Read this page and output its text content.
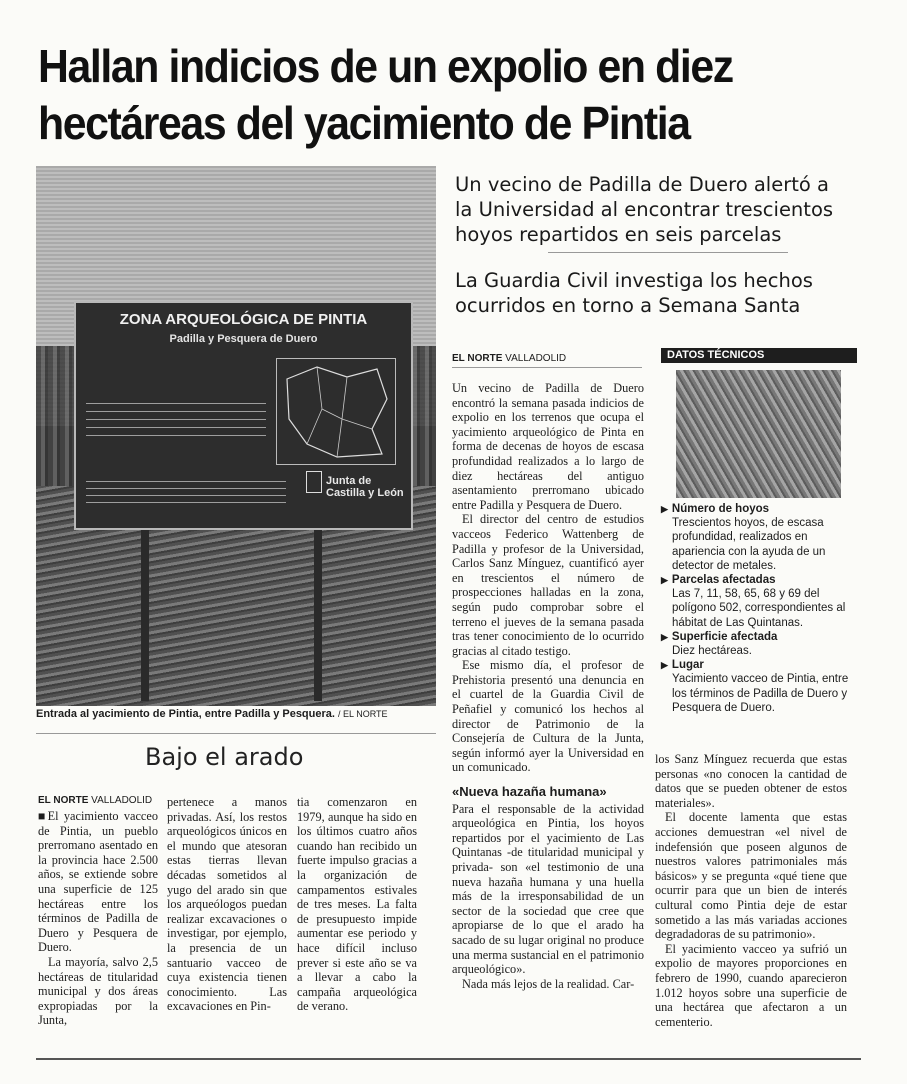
Hallan indicios de un expolio en diez
hectáreas del yacimiento de Pintia
ZONA ARQUEOLÓGICA DE PINTIA
Padilla y Pesquera de Duero
Junta de
Castilla y León
Entrada al yacimiento de Pintia, entre Padilla y Pesquera. / EL NORTE
Un vecino de Padilla de Duero alertó a
la Universidad al encontrar trescientos
hoyos repartidos en seis parcelas
La Guardia Civil investiga los hechos
ocurridos en torno a Semana Santa
EL NORTE VALLADOLID

Un vecino de Padilla de Duero encontró la semana pasada indicios de expolio en los terrenos que ocupa el yacimiento arqueológico de Pinta en forma de decenas de hoyos de escasa profundidad realizados a lo largo de diez hectáreas del antiguo asentamiento prerromano ubicado entre Padilla y Pesquera de Duero.

El director del centro de estudios vacceos Federico Wattenberg de Padilla y profesor de la Universidad, Carlos Sanz Mínguez, cuantificó ayer en trescientos el número de prospecciones halladas en la zona, según pudo comprobar sobre el terreno el jueves de la semana pasada tras tener conocimiento de lo ocurrido gracias al citado testigo.

Ese mismo día, el profesor de Prehistoria presentó una denuncia en el cuartel de la Guardia Civil de Peñafiel y comunicó los hechos al director de Patrimonio de la Consejería de Cultura de la Junta, según informó ayer la Universidad en un comunicado.

«Nueva hazaña humana»

Para el responsable de la actividad arqueológica en Pintia, los hoyos repartidos por el yacimiento de Las Quintanas -de titularidad municipal y privada- son «el testimonio de una nueva hazaña humana y una huella más de la irresponsabilidad de un sector de la sociedad que cree que apropiarse de lo que el arado ha sacado de su lugar original no produce una merma sustancial en el patrimonio arqueológico».

Nada más lejos de la realidad. Car-

DATOS TÉCNICOS
▶ Número de hoyos
Trescientos hoyos, de escasa profundidad, realizados en apariencia con la ayuda de un detector de metales.
▶ Parcelas afectadas
Las 7, 11, 58, 65, 68 y 69 del polígono 502, correspondientes al hábitat de Las Quintanas.
▶ Superficie afectada
Diez hectáreas.
▶ Lugar
Yacimiento vacceo de Pintia, entre los términos de Padilla de Duero y Pesquera de Duero.

los Sanz Mínguez recuerda que estas personas «no conocen la cantidad de datos que se pueden obtener de estos materiales».

El docente lamenta que estas acciones demuestran «el nivel de indefensión que poseen algunos de nuestros valores patrimoniales más básicos» y se pregunta «qué tiene que ocurrir para que un bien de interés cultural como Pintia deje de estar sometido a las más variadas acciones degradadoras de su patrimonio».

El yacimiento vacceo ya sufrió un expolio de mayores proporciones en febrero de 1990, cuando aparecieron 1.012 hoyos sobre una superficie de una hectárea que afectaron a un cementerio.

Bajo el arado
EL NORTE VALLADOLID

■El yacimiento vacceo de Pintia, un pueblo prerromano asentado en la provincia hace 2.500 años, se extiende sobre una superficie de 125 hectáreas entre los términos de Padilla de Duero y Pesquera de Duero.

La mayoría, salvo 2,5 hectáreas de titularidad municipal y dos áreas expropiadas por la Junta,

pertenece a manos privadas. Así, los restos arqueológicos únicos en el mundo que atesoran estas tierras llevan décadas sometidos al yugo del arado sin que los arqueólogos puedan realizar excavaciones o investigar, por ejemplo, la presencia de un santuario vacceo de cuya existencia tienen conocimiento. Las excavaciones en Pin-

tia comenzaron en 1979, aunque ha sido en los últimos cuatro años cuando han recibido un fuerte impulso gracias a la organización de campamentos estivales de tres meses. La falta de presupuesto impide aumentar ese periodo y hace difícil incluso prever si este año se va a llevar a cabo la campaña arqueológica de verano.
